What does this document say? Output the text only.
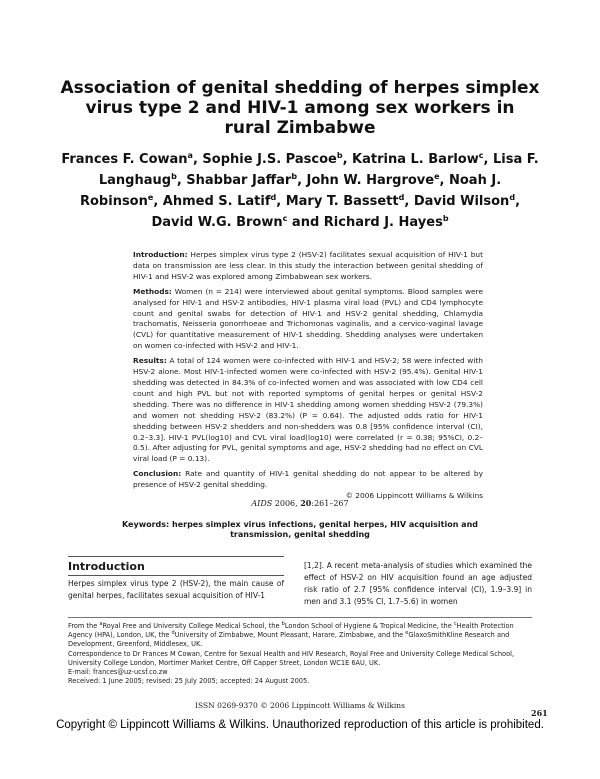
Association of genital shedding of herpes simplex virus type 2 and HIV-1 among sex workers in rural Zimbabwe
Frances F. Cowan$^a$, Sophie J.S. Pascoe$^b$, Katrina L. Barlow$^c$, Lisa F. Langhaug$^b$, Shabbar Jaffar$^b$, John W. Hargrove$^e$, Noah J. Robinson$^e$, Ahmed S. Latif$^d$, Mary T. Bassett$^d$, David Wilson$^d$, David W.G. Brown$^c$ and Richard J. Hayes$^b$

Introduction: Herpes simplex virus type 2 (HSV-2) facilitates sexual acquisition of HIV-1 but data on transmission are less clear. In this study the interaction between genital shedding of HIV-1 and HSV-2 was explored among Zimbabwean sex workers.

Methods: Women (n = 214) were interviewed about genital symptoms. Blood samples were analysed for HIV-1 and HSV-2 antibodies, HIV-1 plasma viral load (PVL) and CD4 lymphocyte count and genital swabs for detection of HIV-1 and HSV-2 genital shedding, Chlamydia trachomatis, Neisseria gonorrhoeae and Trichomonas vaginalis, and a cervico-vaginal lavage (CVL) for quantitative measurement of HIV-1 shedding. Shedding analyses were undertaken on women co-infected with HSV-2 and HIV-1.

Results: A total of 124 women were co-infected with HIV-1 and HSV-2; 58 were infected with HSV-2 alone. Most HIV-1-infected women were co-infected with HSV-2 (95.4%). Genital HIV-1 shedding was detected in 84.3% of co-infected women and was associated with low CD4 cell count and high PVL but not with reported symptoms of genital herpes or genital HSV-2 shedding. There was no difference in HIV-1 shedding among women shedding HSV-2 (79.3%) and women not shedding HSV-2 (83.2%) (P = 0.64). The adjusted odds ratio for HIV-1 shedding between HSV-2 shedders and non-shedders was 0.8 [95% confidence interval (CI), 0.2–3.3]. HIV-1 PVL(log10) and CVL viral load(log10) were correlated (r = 0.38; 95%CI, 0.2–0.5). After adjusting for PVL, genital symptoms and age, HSV-2 shedding had no effect on CVL viral load (P = 0.13).

Conclusion: Rate and quantity of HIV-1 genital shedding do not appear to be altered by presence of HSV-2 genital shedding.

© 2006 Lippincott Williams & Wilkins
AIDS 2006, 20:261–267
Keywords: herpes simplex virus infections, genital herpes, HIV acquisition and transmission, genital shedding
Introduction
Herpes simplex virus type 2 (HSV-2), the main cause of genital herpes, facilitates sexual acquisition of HIV-1
[1,2]. A recent meta-analysis of studies which examined the effect of HSV-2 on HIV acquisition found an age adjusted risk ratio of 2.7 [95% confidence interval (CI), 1.9–3.9] in men and 3.1 (95% CI, 1.7–5.6) in women

From the $^a$Royal Free and University College Medical School, the $^b$London School of Hygiene & Tropical Medicine, the $^c$Health Protection Agency (HPA), London, UK, the $^d$University of Zimbabwe, Mount Pleasant, Harare, Zimbabwe, and the $^e$GlaxoSmithKline Research and Development, Greenford, Middlesex, UK.

Correspondence to Dr Frances M Cowan, Centre for Sexual Health and HIV Research, Royal Free and University College Medical School, University College London, Mortimer Market Centre, Off Capper Street, London WC1E 6AU, UK.

E-mail: frances@uz-ucsf.co.zw

Received: 1 June 2005; revised: 25 July 2005; accepted: 24 August 2005.

ISSN 0269-9370 © 2006 Lippincott Williams & Wilkins
261
Copyright © Lippincott Williams & Wilkins. Unauthorized reproduction of this article is prohibited.
